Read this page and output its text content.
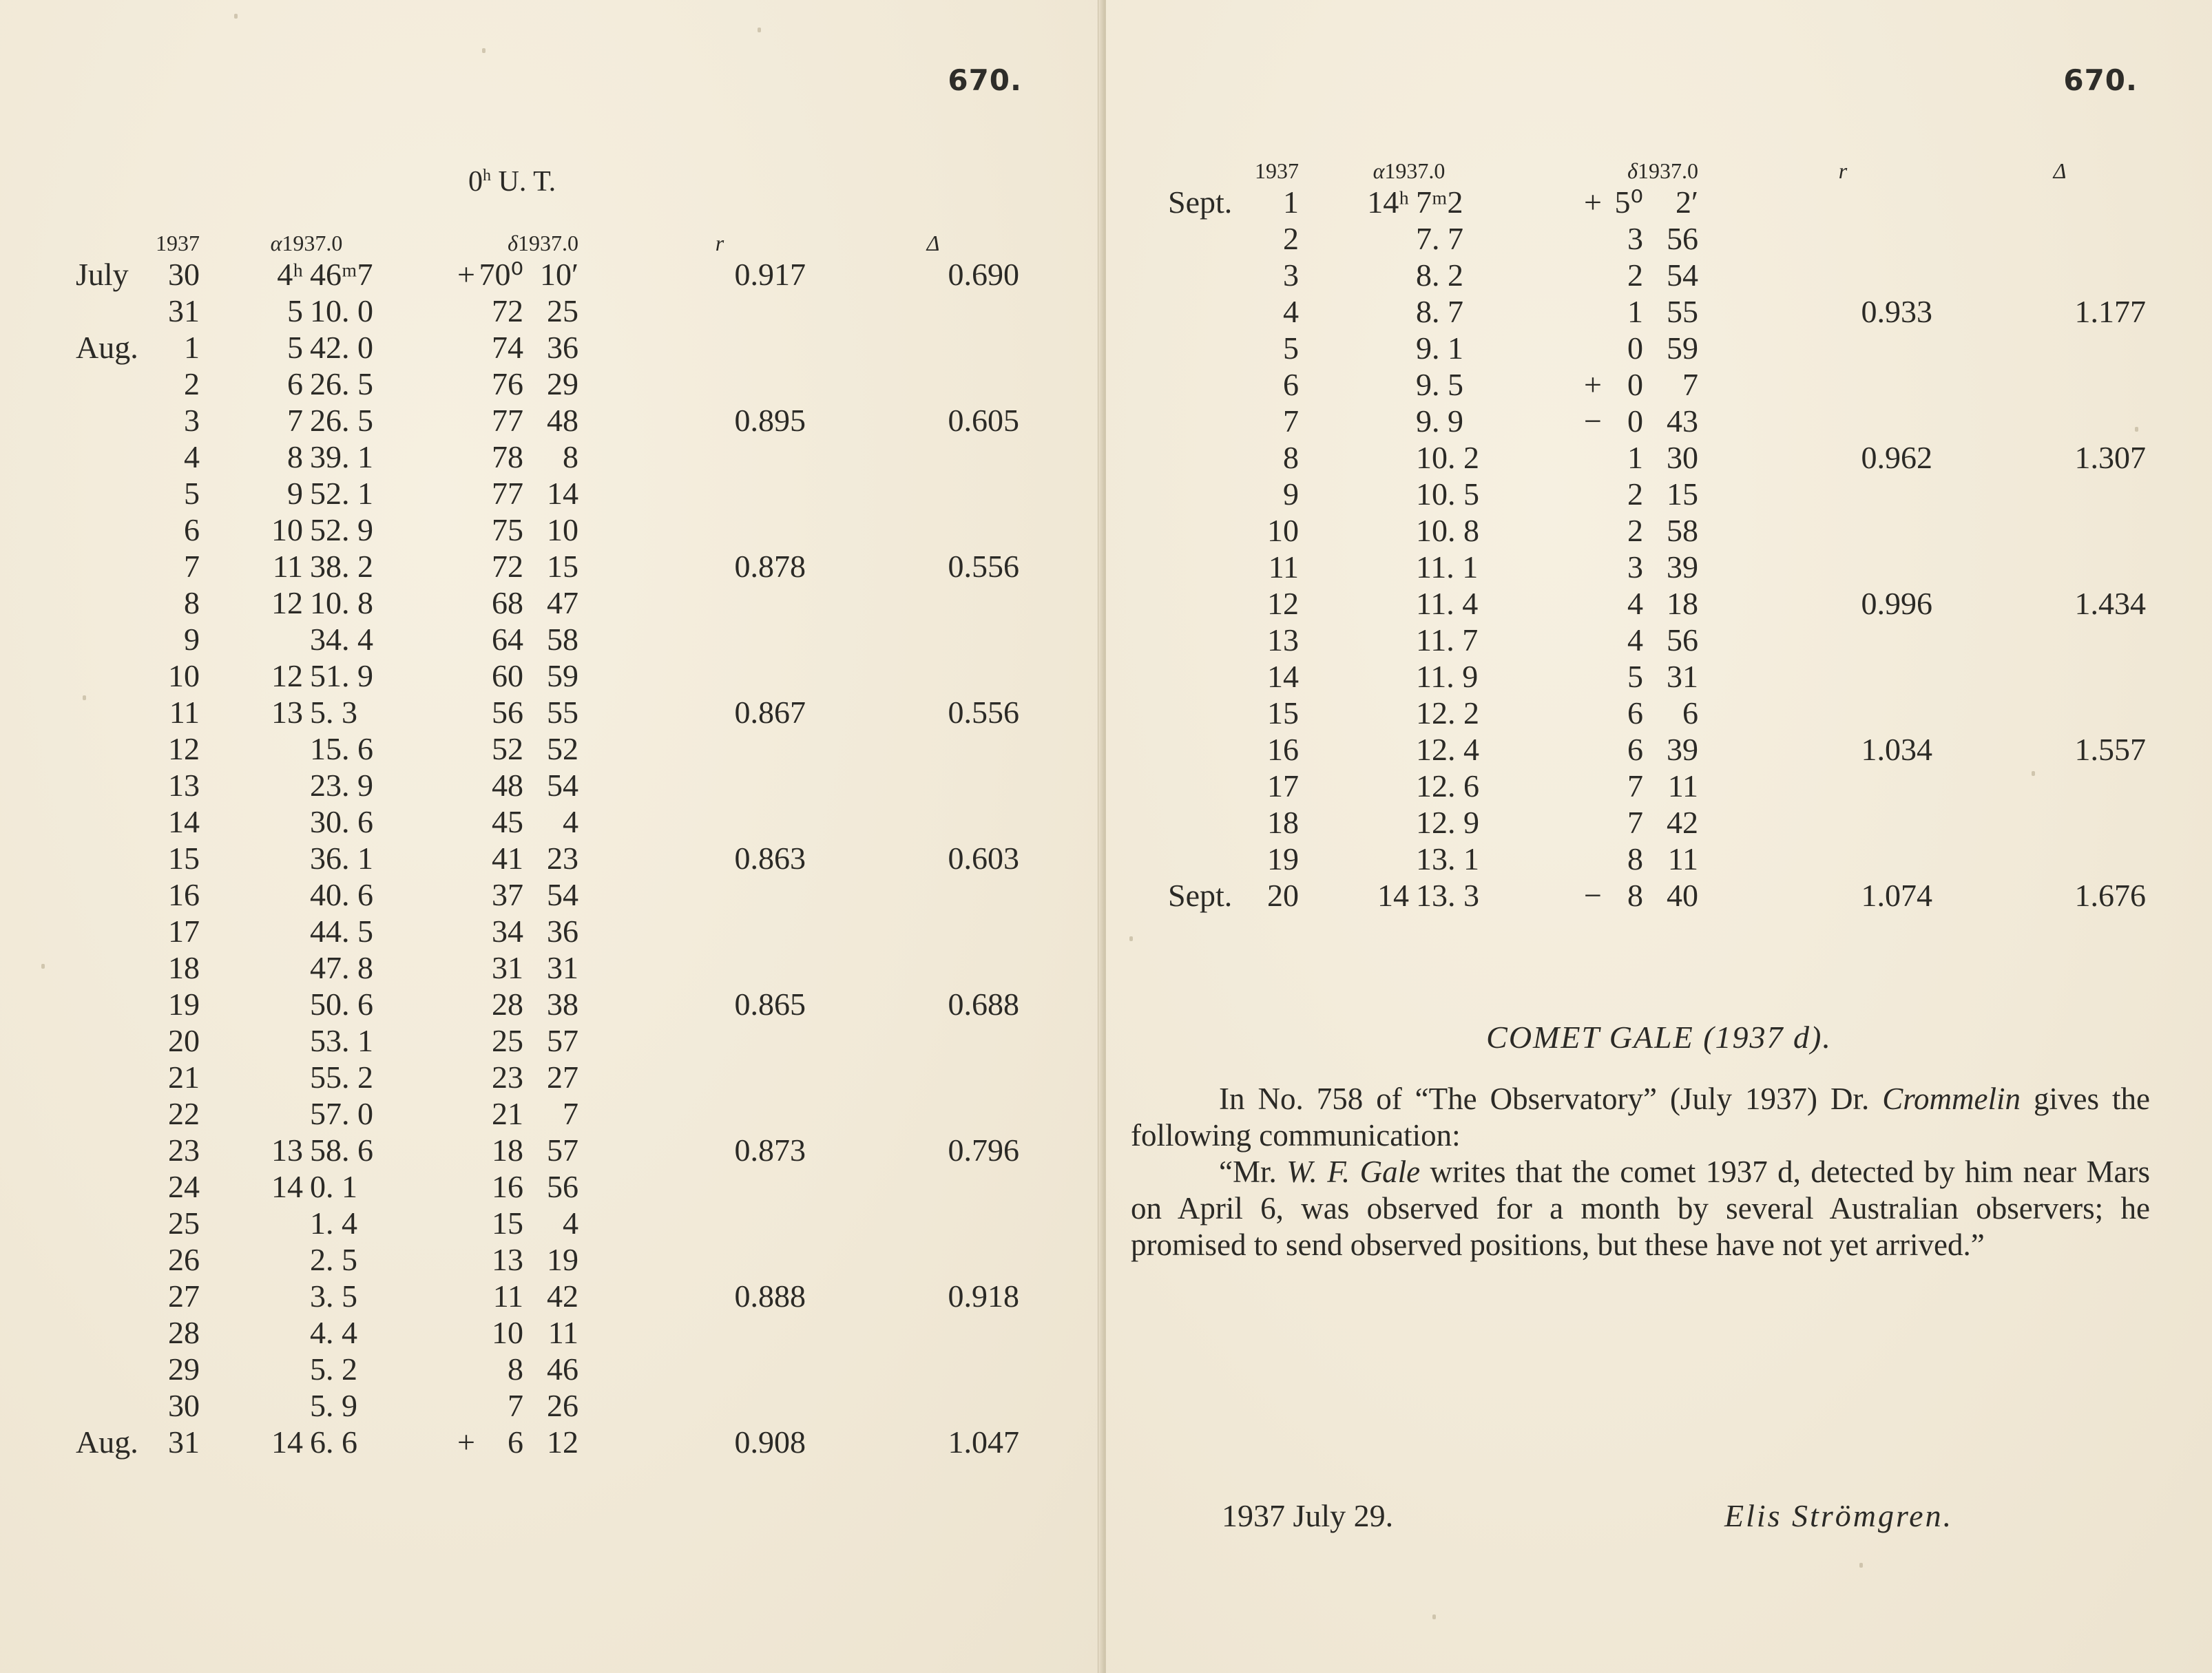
670.
0$^h$ U. T.
1937		α1937.0		δ1937.0			r	Δ
July	30	4ʰ	46ᵐ7	+	70⁰	10′	0.917	0.690
	31	5	10. 0		72	25		
Aug.	1	5	42. 0		74	36		
	2	6	26. 5		76	29		
	3	7	26. 5		77	48	0.895	0.605
	4	8	39. 1		78	8		
	5	9	52. 1		77	14		
	6	10	52. 9		75	10		
	7	11	38. 2		72	15	0.878	0.556
	8	12	10. 8		68	47		
	9		34. 4		64	58		
	10	12	51. 9		60	59		
	11	13	5. 3		56	55	0.867	0.556
	12		15. 6		52	52		
	13		23. 9		48	54		
	14		30. 6		45	4		
	15		36. 1		41	23	0.863	0.603
	16		40. 6		37	54		
	17		44. 5		34	36		
	18		47. 8		31	31		
	19		50. 6		28	38	0.865	0.688
	20		53. 1		25	57		
	21		55. 2		23	27		
	22		57. 0		21	7		
	23	13	58. 6		18	57	0.873	0.796
	24	14	0. 1		16	56		
	25		1. 4		15	4		
	26		2. 5		13	19		
	27		3. 5		11	42	0.888	0.918
	28		4. 4		10	11		
	29		5. 2		8	46		
	30		5. 9		7	26		
Aug.	31	14	6. 6	+	6	12	0.908	1.047
670.
1937		α1937.0		δ1937.0			r	Δ
Sept.	1	14ʰ	7ᵐ2	+	5⁰	2′		
	2		7. 7		3	56		
	3		8. 2		2	54		
	4		8. 7		1	55	0.933	1.177
	5		9. 1		0	59		
	6		9. 5	+	0	7		
	7		9. 9	−	0	43		
	8		10. 2		1	30	0.962	1.307
	9		10. 5		2	15		
	10		10. 8		2	58		
	11		11. 1		3	39		
	12		11. 4		4	18	0.996	1.434
	13		11. 7		4	56		
	14		11. 9		5	31		
	15		12. 2		6	6		
	16		12. 4		6	39	1.034	1.557
	17		12. 6		7	11		
	18		12. 9		7	42		
	19		13. 1		8	11		
Sept.	20	14	13. 3	−	8	40	1.074	1.676
COMET GALE (1937 d).

In No. 758 of “The Observatory” (July 1937) Dr. Crommelin gives the following communication:

“Mr. W. F. Gale writes that the comet 1937 d, detected by him near Mars on April 6, was observed for a month by several Australian observers; he promised to send observed positions, but these have not yet arrived.”

1937 July 29.	Elis Strömgren.
